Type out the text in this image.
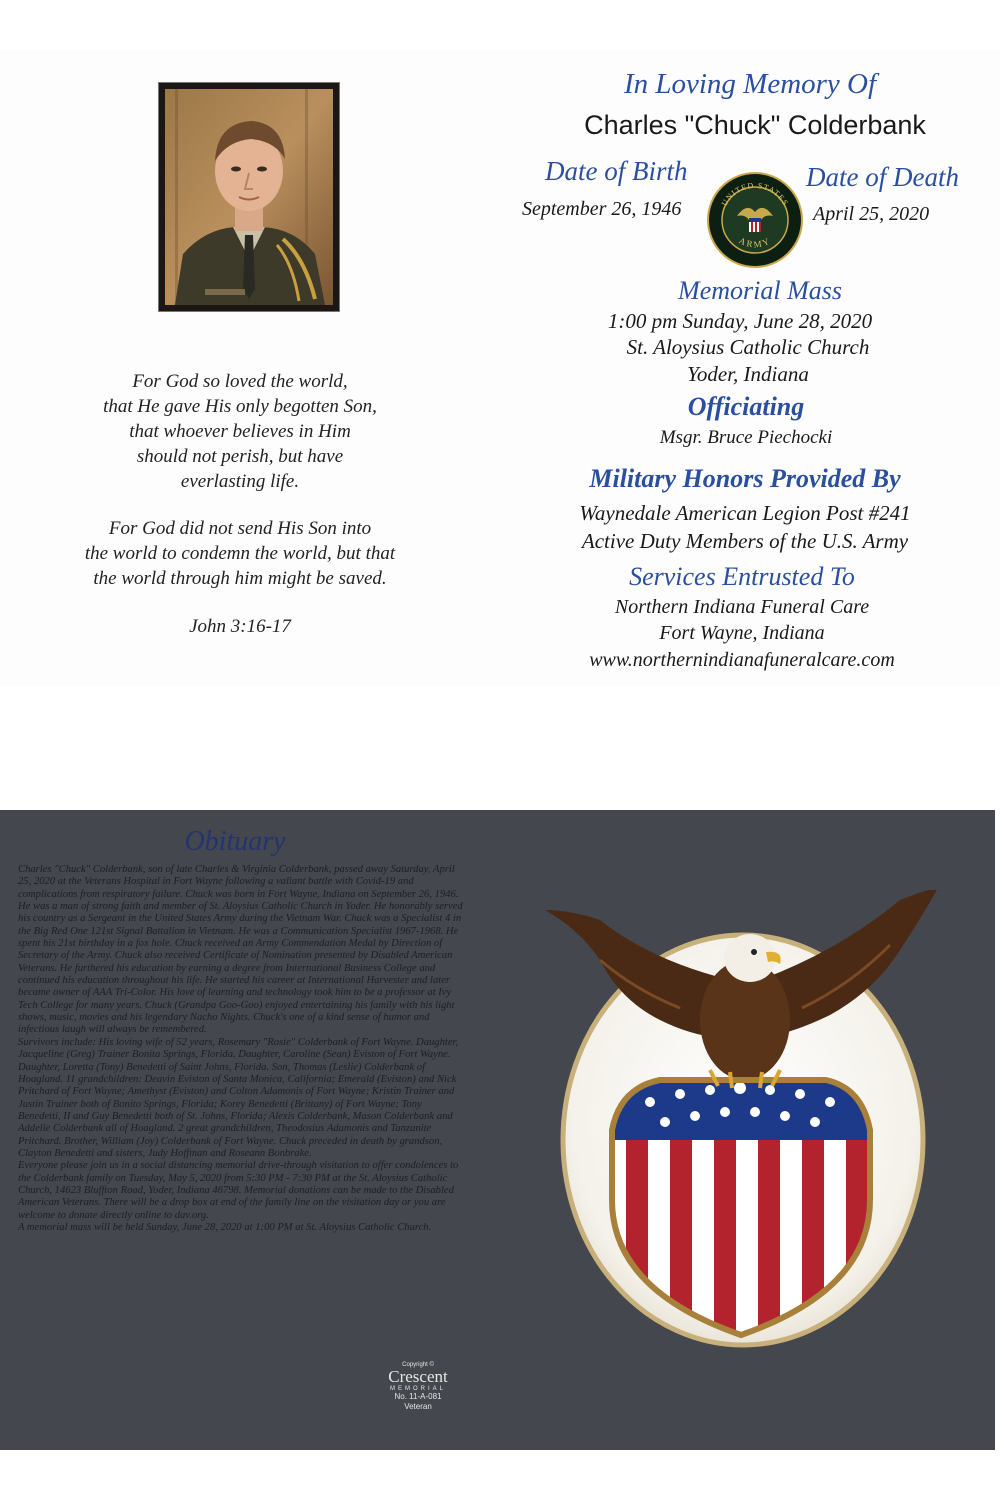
For God so loved the world,
that He gave His only begotten Son,
that whoever believes in Him
should not perish, but have
everlasting life.
For God did not send His Son into
the world to condemn the world, but that
the world through him might be saved.
John 3:16-17
In Loving Memory Of
Charles "Chuck" Colderbank
Date of Birth
September 26, 1946
Date of Death
April 25, 2020
UNITED STATES
ARMY
Memorial Mass
1:00 pm Sunday, June 28, 2020
St. Aloysius Catholic Church
Yoder, Indiana
Officiating
Msgr. Bruce Piechocki
Military Honors Provided By
Waynedale American Legion Post #241
Active Duty Members of the U.S. Army
Services Entrusted To
Northern Indiana Funeral Care
Fort Wayne, Indiana
www.northernindianafuneralcare.com
Obituary

Charles "Chuck" Colderbank, son of late Charles & Virginia Colderbank, passed away Saturday, April 25, 2020 at the Veterans Hospital in Fort Wayne following a valiant battle with Covid-19 and complications from respiratory failure. Chuck was born in Fort Wayne, Indiana on September 26, 1946. He was a man of strong faith and member of St. Aloysius Catholic Church in Yoder. He honorably served his country as a Sergeant in the United States Army during the Vietnam War. Chuck was a Specialist 4 in the Big Red One 121st Signal Battalion in Vietnam. He was a Communication Specialist 1967-1968. He spent his 21st birthday in a fox hole. Chuck received an Army Commendation Medal by Direction of Secretary of the Army. Chuck also received Certificate of Nomination presented by Disabled American Veterans. He furthered his education by earning a degree from International Business College and continued his education throughout his life. He started his career at International Harvester and later became owner of AAA Tri-Color. His love of learning and technology took him to be a professor at Ivy Tech College for many years. Chuck (Grandpa Goo-Goo) enjoyed entertaining his family with his light shows, music, movies and his legendary Nacho Nights. Chuck's one of a kind sense of humor and infectious laugh will always be remembered.

Survivors include: His loving wife of 52 years, Rosemary "Rosie" Colderbank of Fort Wayne. Daughter, Jacqueline (Greg) Trainer Bonita Springs, Florida. Daughter, Caroline (Sean) Eviston of Fort Wayne. Daughter, Loretta (Tony) Benedetti of Saint Johns, Florida. Son, Thomas (Leslie) Colderbank of Hoagland. 11 grandchildren: Deavin Eviston of Santa Monica, California; Emerald (Eviston) and Nick Pritchard of Fort Wayne; Amethyst (Eviston) and Colton Adamonis of Fort Wayne; Kristin Trainer and Justin Trainer both of Bonito Springs, Florida; Korey Benedetti (Brittany) of Fort Wayne; Tony Benedetti, II and Guy Benedetti both of St. Johns, Florida; Alexis Colderbank, Mason Colderbank and Addelie Colderbank all of Hoagland. 2 great grandchildren, Theodosius Adamonis and Tanzanite Pritchard. Brother, William (Joy) Colderbank of Fort Wayne. Chuck preceded in death by grandson, Clayton Benedetti and sisters, Judy Hoffman and Roseann Bonbrake.

Everyone please join us in a social distancing memorial drive-through visitation to offer condolences to the Colderbank family on Tuesday, May 5, 2020 from 5:30 PM - 7:30 PM at the St. Aloysius Catholic Church, 14623 Bluffton Road, Yoder, Indiana 46798. Memorial donations can be made to the Disabled American Veterans. There will be a drop box at end of the family line on the visitation day or you are welcome to donate directly online to dav.org.

A memorial mass will be held Sunday, June 28, 2020 at 1:00 PM at St. Aloysius Catholic Church.

Copyright ©
Crescent
MEMORIAL
No. 11-A-081
Veteran
